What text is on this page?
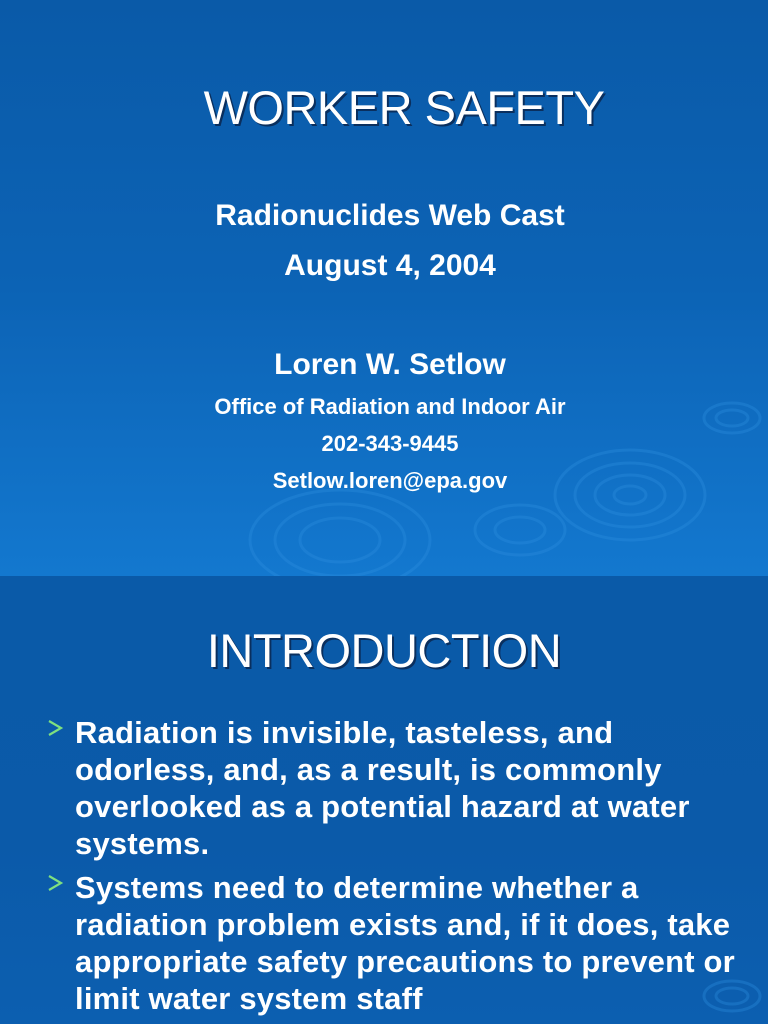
WORKER SAFETY
Radionuclides Web Cast
August 4, 2004
Loren W. Setlow
Office of Radiation and Indoor Air
202-343-9445
Setlow.loren@epa.gov
INTRODUCTION
Radiation is invisible, tasteless, and odorless, and, as a result, is commonly overlooked as a potential hazard at water systems.
Systems need to determine whether a radiation problem exists and, if it does, take appropriate safety precautions to prevent or limit water system staff
